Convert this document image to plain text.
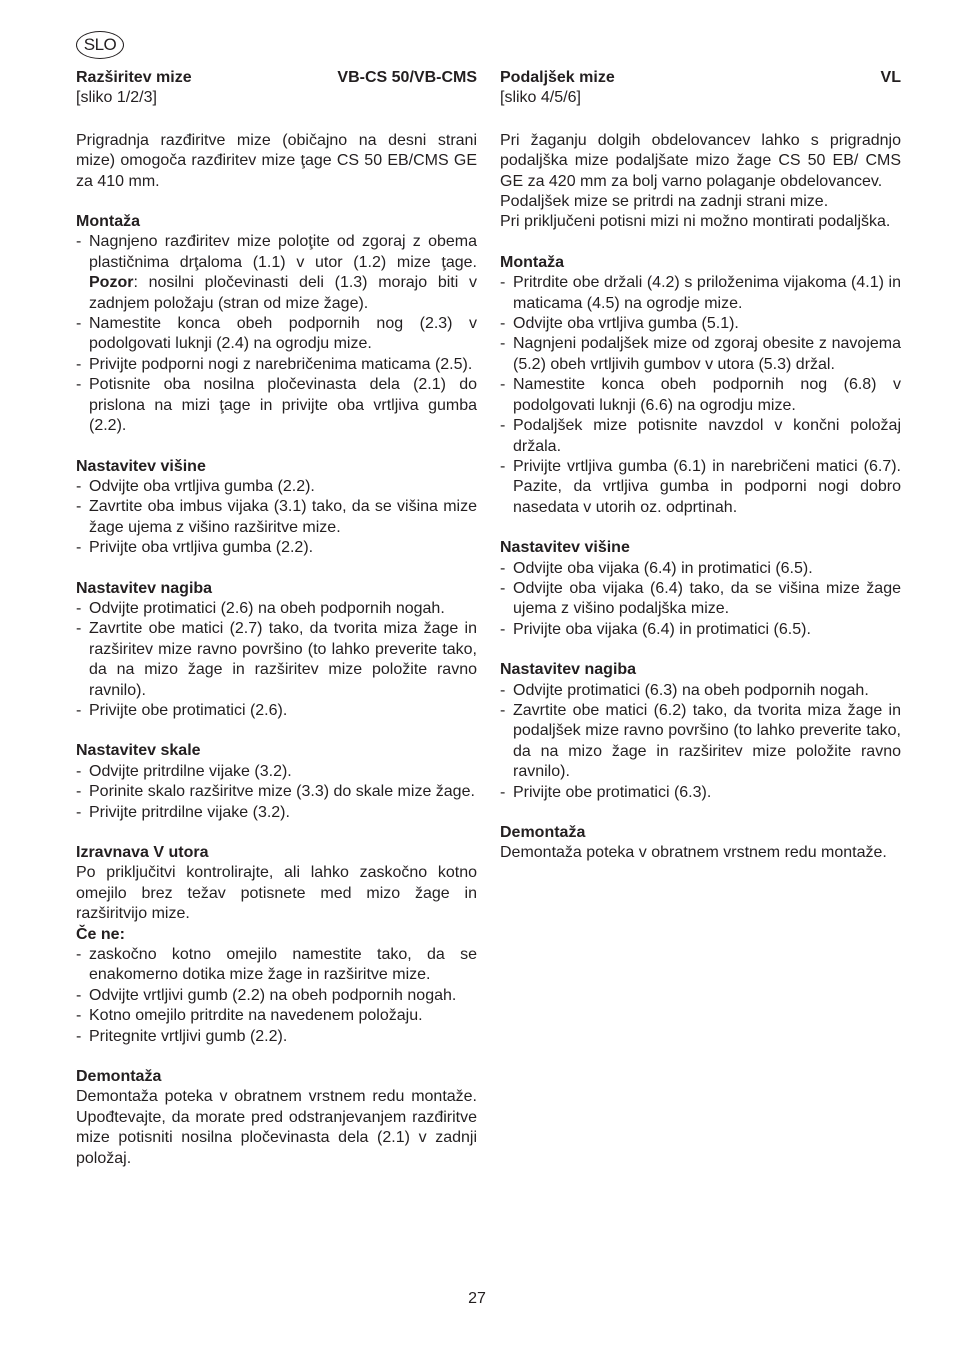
SLO
Razširitev mize	VB-CS 50/VB-CMS

[sliko 1/2/3]

Prigradnja razđiritve mize (običajno na desni strani mize) omogoča razđiritev mize ţage CS 50 EB/CMS GE za 410 mm.

Montaža

- Nagnjeno razđiritev mize poloţite od zgoraj z obema plastičnima drţaloma (1.1) v utor (1.2) mize ţage. Pozor: nosilni pločevinasti deli (1.3) morajo biti v zadnjem položaju (stran od mize žage).
- Namestite konca obeh podpornih nog (2.3) v podolgovati luknji (2.4) na ogrodju mize.
- Privijte podporni nogi z narebričenima maticama (2.5).
- Potisnite oba nosilna pločevinasta dela (2.1) do prislona na mizi ţage in privijte oba vrtljiva gumba (2.2).

Nastavitev višine

- Odvijte oba vrtljiva gumba (2.2).
- Zavrtite oba imbus vijaka (3.1) tako, da se višina mize žage ujema z višino razširitve mize.
- Privijte oba vrtljiva gumba (2.2).

Nastavitev nagiba

- Odvijte protimatici (2.6) na obeh podpornih nogah.
- Zavrtite obe matici (2.7) tako, da tvorita miza žage in razširitev mize ravno površino (to lahko preverite tako, da na mizo žage in razširitev mize položite ravno ravnilo).
- Privijte obe protimatici (2.6).

Nastavitev skale

- Odvijte pritrdilne vijake (3.2).
- Porinite skalo razširitve mize (3.3) do skale mize žage.
- Privijte pritrdilne vijake (3.2).

Izravnava V utora

Po priključitvi kontrolirajte, ali lahko zaskočno kotno omejilo brez težav potisnete med mizo žage in razširitvijo mize.

Če ne:

- zaskočno kotno omejilo namestite tako, da se enakomerno dotika mize žage in razširitve mize.
- Odvijte vrtljivi gumb (2.2) na obeh podpornih nogah.
- Kotno omejilo pritrdite na navedenem položaju.
- Pritegnite vrtljivi gumb (2.2).

Demontaža

Demontaža poteka v obratnem vrstnem redu montaže. Upođtevajte, da morate pred odstranjevanjem razđiritve mize potisniti nosilna pločevinasta dela (2.1) v zadnji položaj.

Podaljšek mize	VL

[sliko 4/5/6]

Pri žaganju dolgih obdelovancev lahko s prigradnjo podaljška mize podaljšate mizo žage CS 50 EB/ CMS GE za 420 mm za bolj varno polaganje obdelovancev.

Podaljšek mize se pritrdi na zadnji strani mize.

Pri priključeni potisni mizi ni možno montirati podaljška.

Montaža

- Pritrdite obe držali (4.2) s priloženima vijakoma (4.1) in maticama (4.5) na ogrodje mize.
- Odvijte oba vrtljiva gumba (5.1).
- Nagnjeni podaljšek mize od zgoraj obesite z navojema (5.2) obeh vrtljivih gumbov v utora (5.3) držal.
- Namestite konca obeh podpornih nog (6.8) v podolgovati luknji (6.6) na ogrodju mize.
- Podaljšek mize potisnite navzdol v končni položaj držala.
- Privijte vrtljiva gumba (6.1) in narebričeni matici (6.7). Pazite, da vrtljiva gumba in podporni nogi dobro nasedata v utorih oz. odprtinah.

Nastavitev višine

- Odvijte oba vijaka (6.4) in protimatici (6.5).
- Odvijte oba vijaka (6.4) tako, da se višina mize žage ujema z višino podaljška mize.
- Privijte oba vijaka (6.4) in protimatici (6.5).

Nastavitev nagiba

- Odvijte protimatici (6.3) na obeh podpornih nogah.
- Zavrtite obe matici (6.2) tako, da tvorita miza žage in podaljšek mize ravno površino (to lahko preverite tako, da na mizo žage in razširitev mize položite ravno ravnilo).
- Privijte obe protimatici (6.3).

Demontaža

Demontaža poteka v obratnem vrstnem redu montaže.

27
